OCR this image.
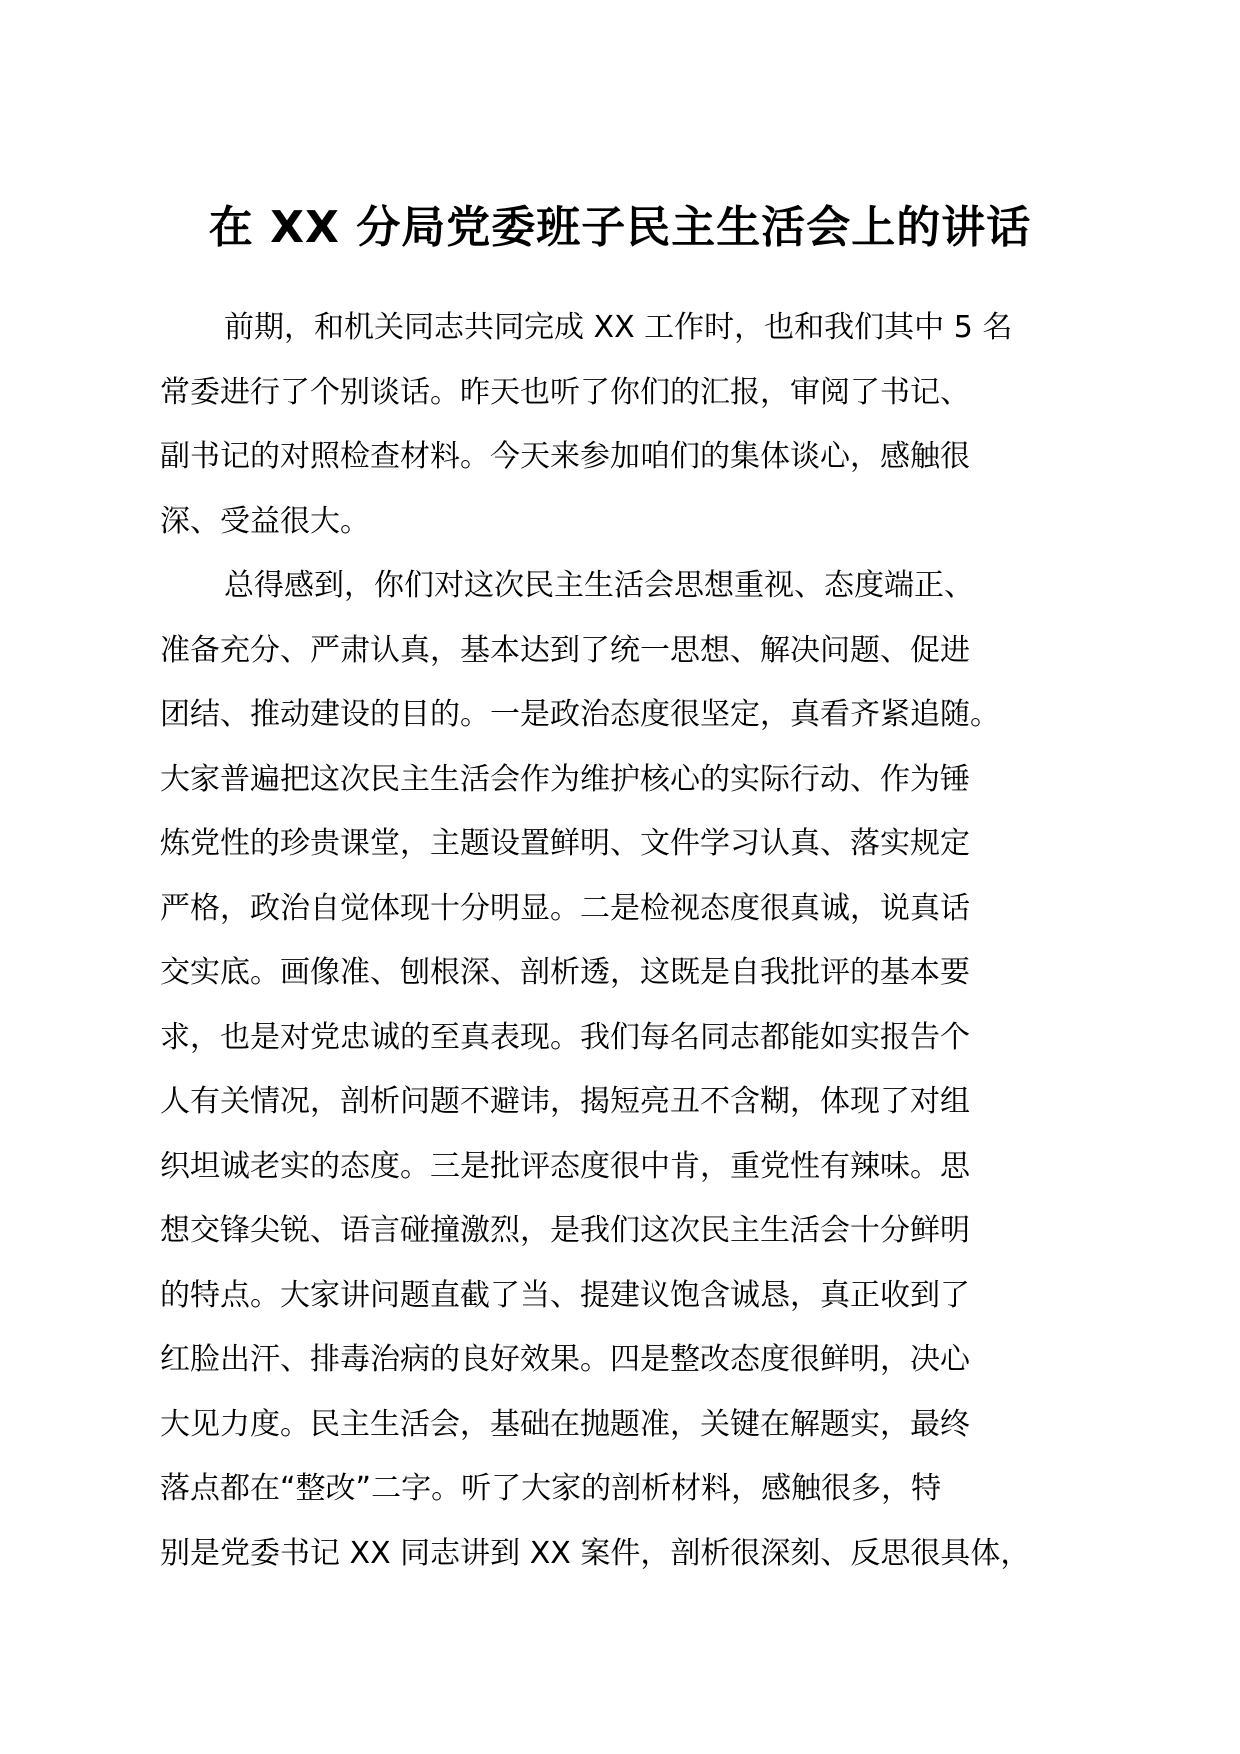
在 XX 分局党委班子民主生活会上的讲话
前期，和机关同志共同完成 XX 工作时，也和我们其中 5 名
常委进行了个别谈话。昨天也听了你们的汇报，审阅了书记、
副书记的对照检查材料。今天来参加咱们的集体谈心，感触很
深、受益很大。
总得感到，你们对这次民主生活会思想重视、态度端正、
准备充分、严肃认真，基本达到了统一思想、解决问题、促进
团结、推动建设的目的。一是政治态度很坚定，真看齐紧追随。
大家普遍把这次民主生活会作为维护核心的实际行动、作为锤
炼党性的珍贵课堂，主题设置鲜明、文件学习认真、落实规定
严格，政治自觉体现十分明显。二是检视态度很真诚，说真话
交实底。画像准、刨根深、剖析透，这既是自我批评的基本要
求，也是对党忠诚的至真表现。我们每名同志都能如实报告个
人有关情况，剖析问题不避讳，揭短亮丑不含糊，体现了对组
织坦诚老实的态度。三是批评态度很中肯，重党性有辣味。思
想交锋尖锐、语言碰撞激烈，是我们这次民主生活会十分鲜明
的特点。大家讲问题直截了当、提建议饱含诚恳，真正收到了
红脸出汗、排毒治病的良好效果。四是整改态度很鲜明，决心
大见力度。民主生活会，基础在抛题准，关键在解题实，最终
落点都在“整改”二字。听了大家的剖析材料，感触很多，特
别是党委书记 XX 同志讲到 XX 案件，剖析很深刻、反思很具体，
